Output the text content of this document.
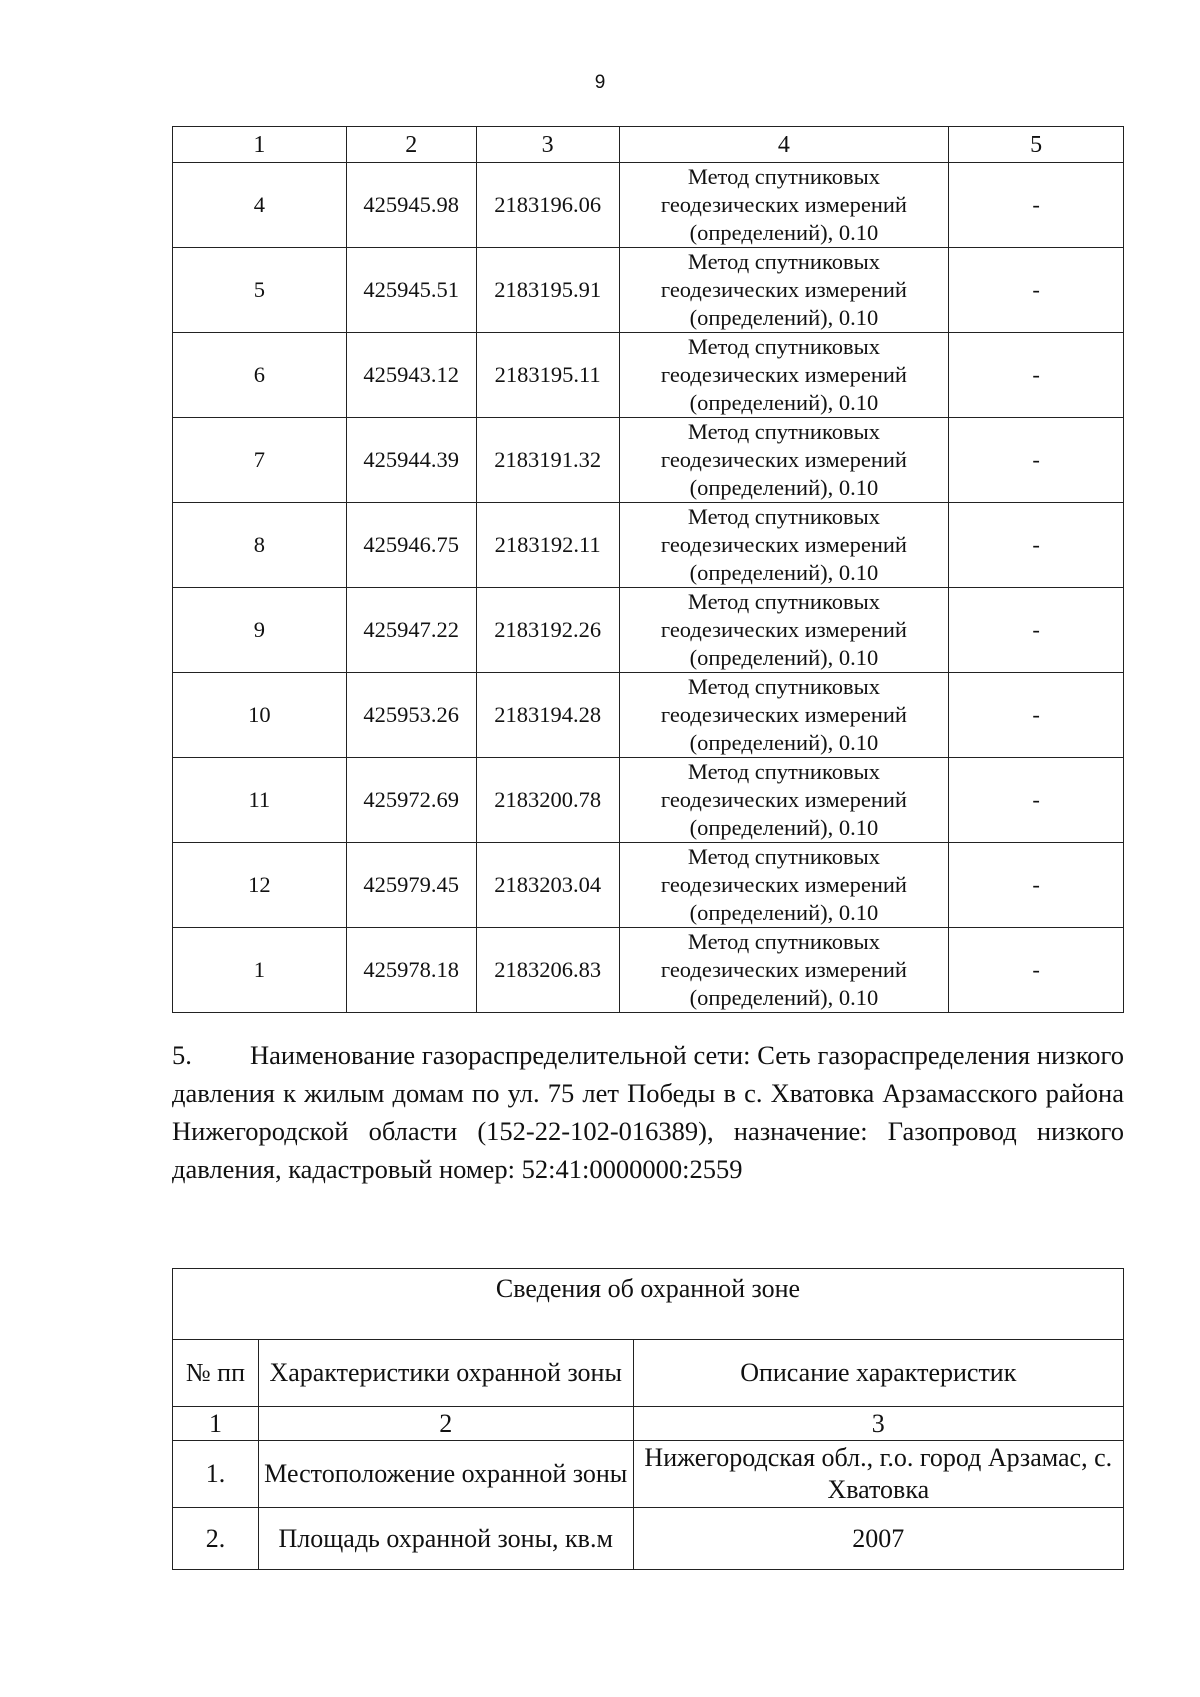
9
1	2	3	4	5
4	425945.98	2183196.06	Метод спутниковых геодезических измерений (определений), 0.10	-
5	425945.51	2183195.91	Метод спутниковых геодезических измерений (определений), 0.10	-
6	425943.12	2183195.11	Метод спутниковых геодезических измерений (определений), 0.10	-
7	425944.39	2183191.32	Метод спутниковых геодезических измерений (определений), 0.10	-
8	425946.75	2183192.11	Метод спутниковых геодезических измерений (определений), 0.10	-
9	425947.22	2183192.26	Метод спутниковых геодезических измерений (определений), 0.10	-
10	425953.26	2183194.28	Метод спутниковых геодезических измерений (определений), 0.10	-
11	425972.69	2183200.78	Метод спутниковых геодезических измерений (определений), 0.10	-
12	425979.45	2183203.04	Метод спутниковых геодезических измерений (определений), 0.10	-
1	425978.18	2183206.83	Метод спутниковых геодезических измерений (определений), 0.10	-
5. Наименование газораспределительной сети: Сеть газораспределения низкого давления к жилым домам по ул. 75 лет Победы в с. Хватовка Арзамасского района Нижегородской области (152-22-102-016389), назначение: Газопровод низкого давления, кадастровый номер: 52:41:0000000:2559
Сведения об охранной зоне		
№ пп	Характеристики охранной зоны	Описание характеристик
1	2	3
1.	Местоположение охранной зоны	Нижегородская обл., г.о. город Арзамас, с. Хватовка
2.	Площадь охранной зоны, кв.м	2007
